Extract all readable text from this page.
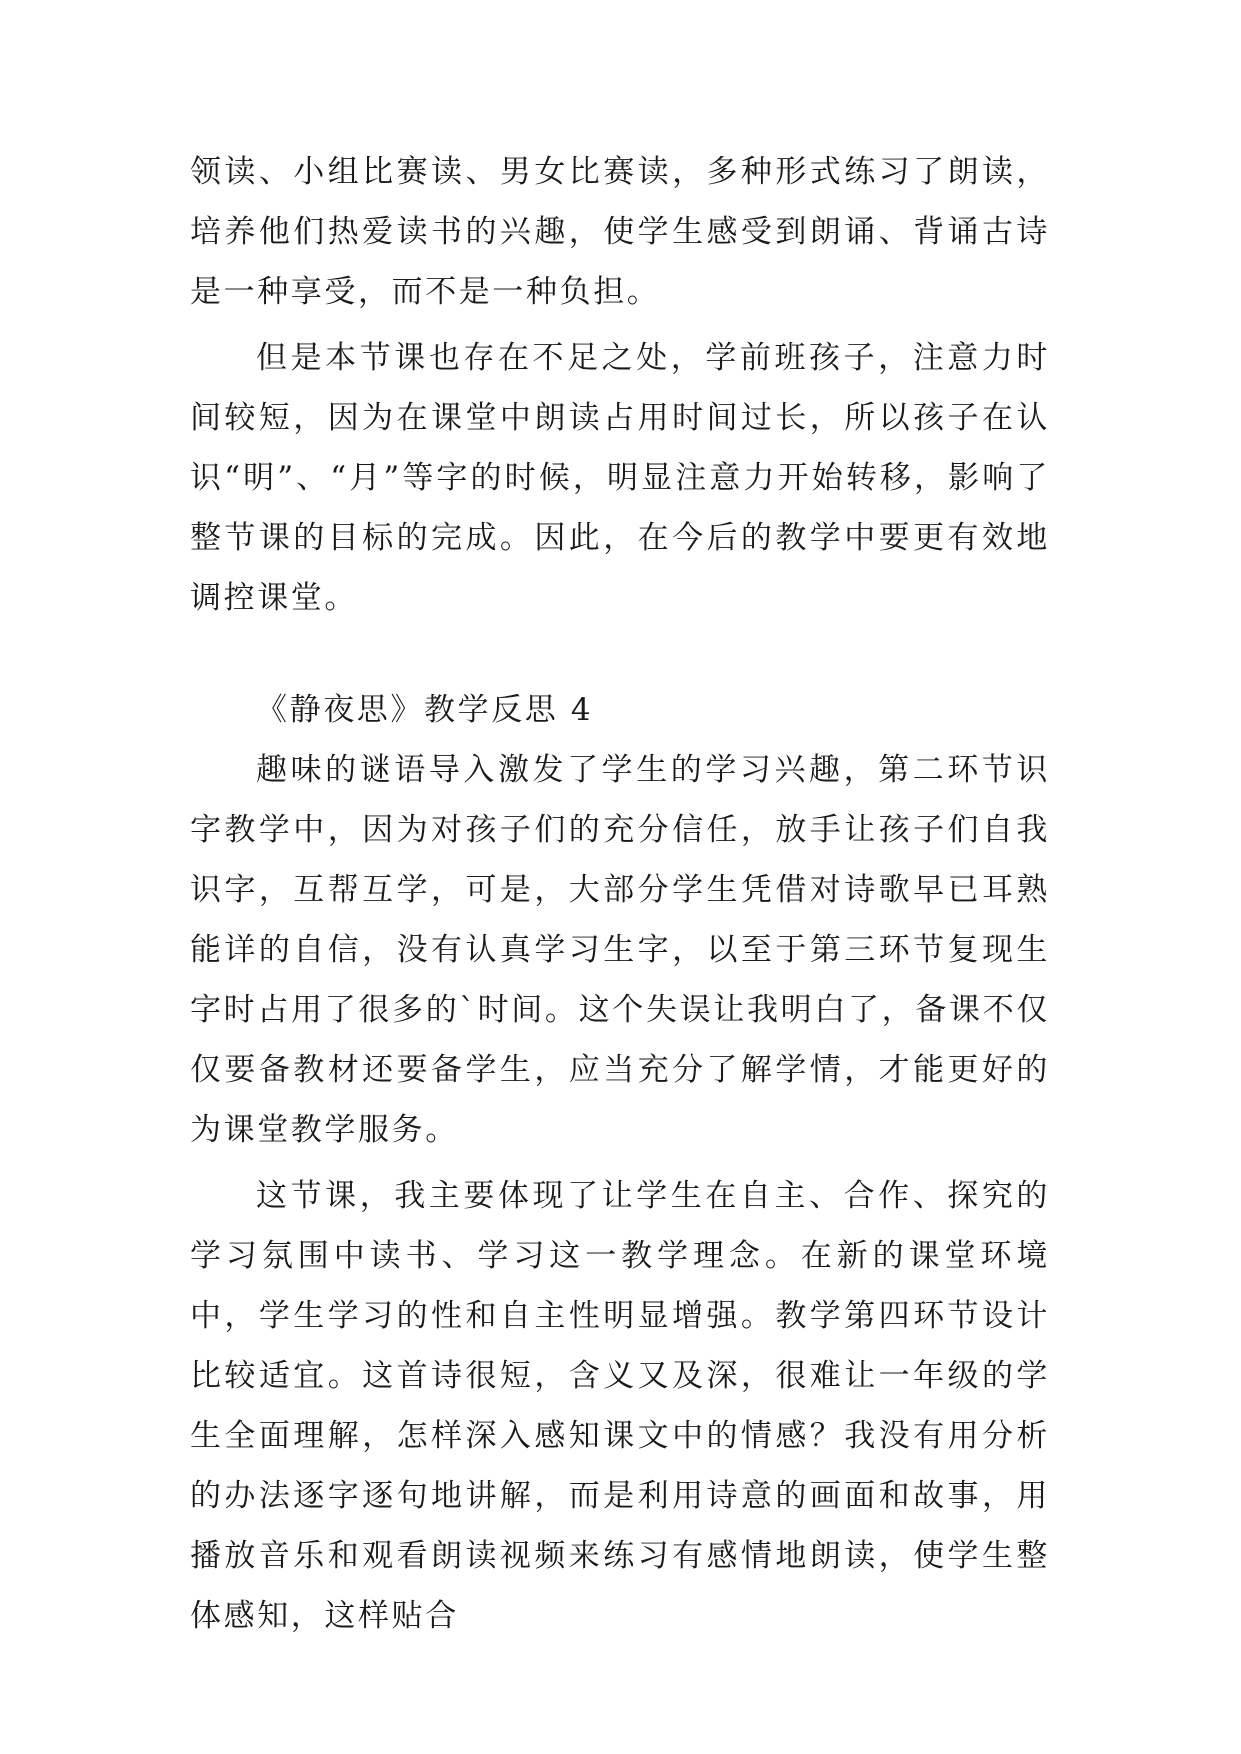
领读、小组比赛读、男女比赛读，多种形式练习了朗读，培养他们热爱读书的兴趣，使学生感受到朗诵、背诵古诗是一种享受，而不是一种负担。

但是本节课也存在不足之处，学前班孩子，注意力时间较短，因为在课堂中朗读占用时间过长，所以孩子在认识“明”、“月”等字的时候，明显注意力开始转移，影响了整节课的目标的完成。因此，在今后的教学中要更有效地调控课堂。

《静夜思》教学反思 4

趣味的谜语导入激发了学生的学习兴趣，第二环节识字教学中，因为对孩子们的充分信任，放手让孩子们自我识字，互帮互学，可是，大部分学生凭借对诗歌早已耳熟能详的自信，没有认真学习生字，以至于第三环节复现生字时占用了很多的`时间。这个失误让我明白了，备课不仅仅要备教材还要备学生，应当充分了解学情，才能更好的为课堂教学服务。

这节课，我主要体现了让学生在自主、合作、探究的学习氛围中读书、学习这一教学理念。在新的课堂环境中，学生学习的性和自主性明显增强。教学第四环节设计比较适宜。这首诗很短，含义又及深，很难让一年级的学生全面理解，怎样深入感知课文中的情感？我没有用分析的办法逐字逐句地讲解，而是利用诗意的画面和故事，用播放音乐和观看朗读视频来练习有感情地朗读，使学生整体感知，这样贴合
